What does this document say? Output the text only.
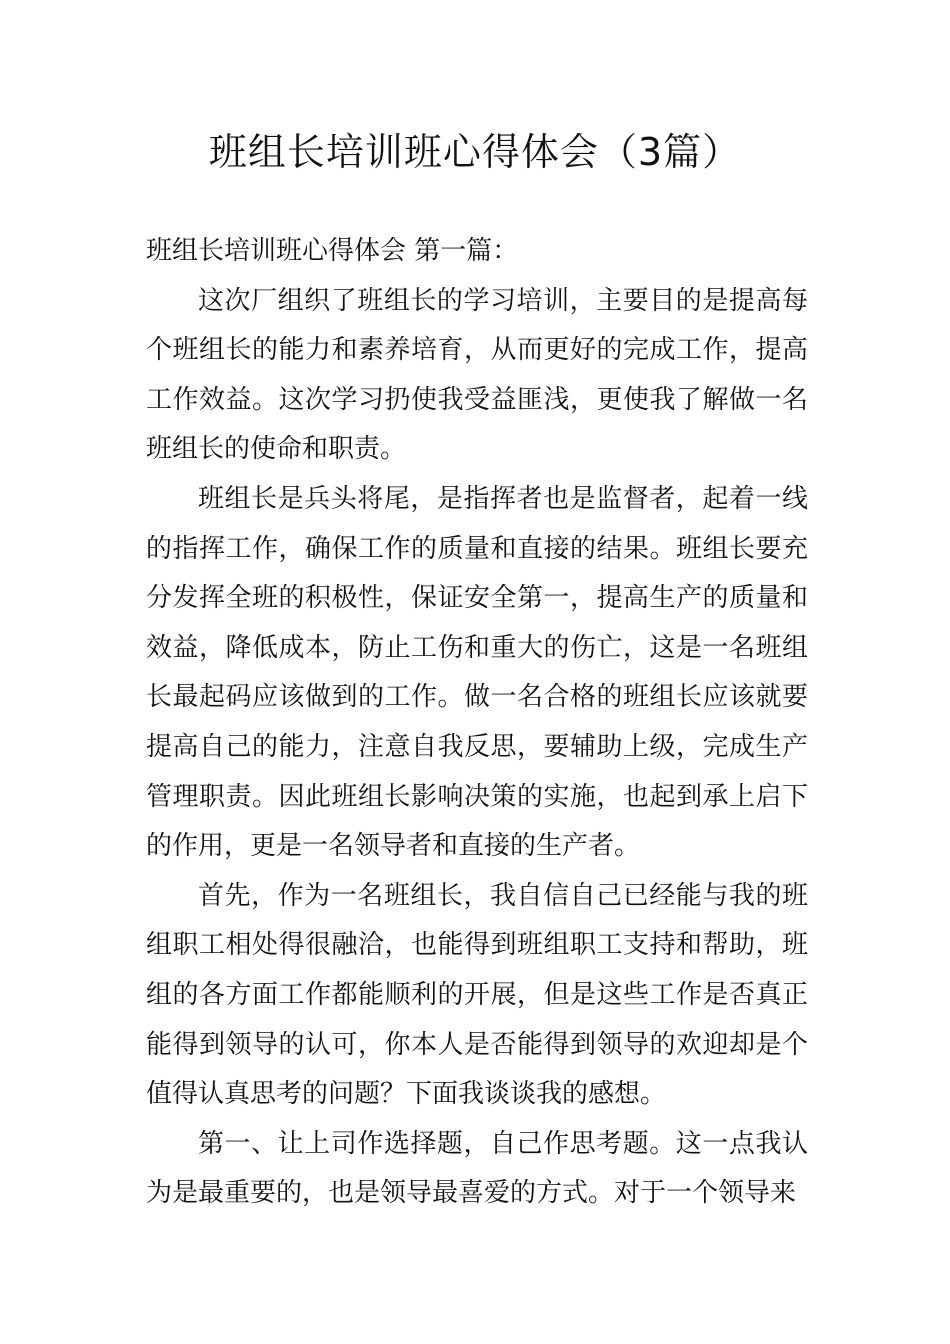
班组长培训班心得体会（3篇）

班组长培训班心得体会 第一篇：

这次厂组织了班组长的学习培训，主要目的是提高每个班组长的能力和素养培育，从而更好的完成工作，提高工作效益。这次学习扔使我受益匪浅，更使我了解做一名班组长的使命和职责。

班组长是兵头将尾，是指挥者也是监督者，起着一线的指挥工作，确保工作的质量和直接的结果。班组长要充分发挥全班的积极性，保证安全第一，提高生产的质量和效益，降低成本，防止工伤和重大的伤亡，这是一名班组长最起码应该做到的工作。做一名合格的班组长应该就要提高自己的能力，注意自我反思，要辅助上级，完成生产管理职责。因此班组长影响决策的实施，也起到承上启下的作用，更是一名领导者和直接的生产者。

首先，作为一名班组长，我自信自己已经能与我的班组职工相处得很融洽，也能得到班组职工支持和帮助，班组的各方面工作都能顺利的开展，但是这些工作是否真正能得到领导的认可，你本人是否能得到领导的欢迎却是个值得认真思考的问题？下面我谈谈我的感想。

第一、让上司作选择题，自己作思考题。这一点我认为是最重要的，也是领导最喜爱的方式。对于一个领导来
